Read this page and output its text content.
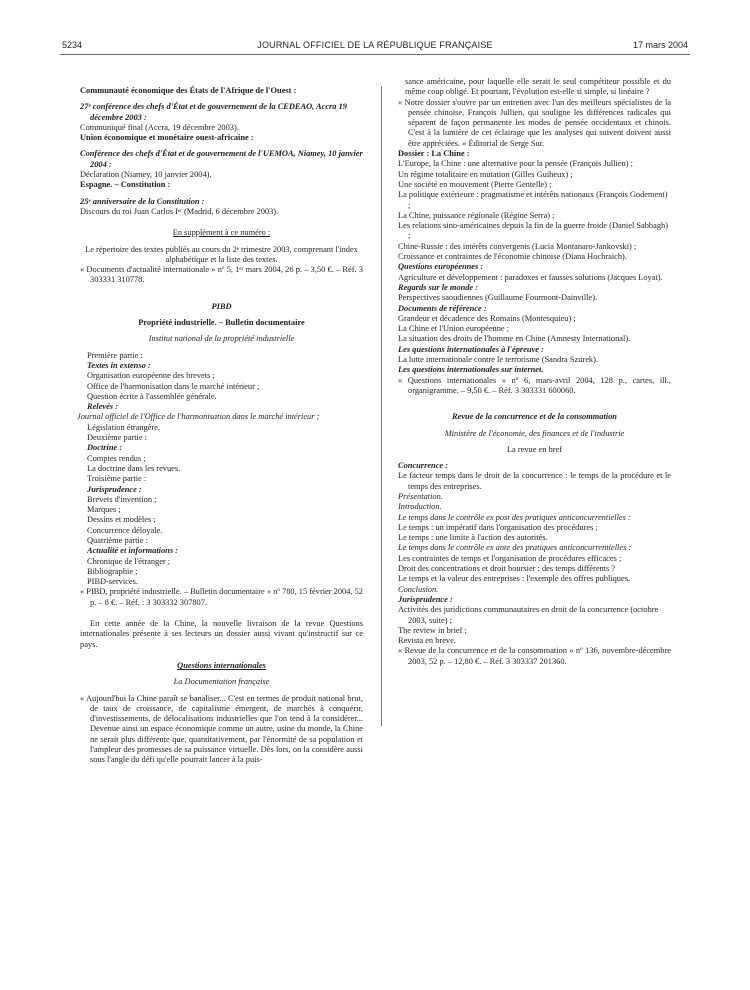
5234	JOURNAL OFFICIEL DE LA RÉPUBLIQUE FRANÇAISE	17 mars 2004

Communauté économique des États de l'Afrique de l'Ouest :

27ᵉ conférence des chefs d'État et de gouvernement de la CEDEAO, Accra 19 décembre 2003 :

Communiqué final (Accra, 19 décembre 2003).

Union économique et monétaire ouest-africaine :

Conférence des chefs d'État et de gouvernement de l'UEMOA, Niamey, 10 janvier 2004 :

Déclaration (Niamey, 10 janvier 2004).

Espagne. – Constitution :

25ᵉ anniversaire de la Constitution :

Discours du roi Juan Carlos Iᵉʳ (Madrid, 6 décembre 2003).

En supplément à ce numéro :

Le répertoire des textes publiés au cours du 2ᵉ trimestre 2003, comprenant l'index alphabétique et la liste des textes.

« Documents d'actualité internationale » nº 5, 1ᵉʳ mars 2004, 26 p. – 3,50 €. – Réf. 3 303331 310778.

PIBD

Propriété industrielle. – Bulletin documentaire

Institut national de la propriété industrielle

Première partie :

Textes in extenso :

Organisation européenne des brevets ;

Office de l'harmonisation dans le marché intérieur ;

Question écrite à l'assemblée générale.

Relevés :

Journal officiel de l'Office de l'harmonisation dans le marché intérieur ;

Législation étrangère.

Deuxième partie :

Doctrine :

Comptes rendus ;

La doctrine dans les revues.

Troisième partie :

Jurisprudence :

Brevets d'invention ;

Marques ;

Dessins et modèles ;

Concurrence déloyale.

Quatrième partie :

Actualité et informations :

Chronique de l'étranger ;

Bibliographie ;

PIBD-services.

« PIBD, propriété industrielle. – Bulletin documentaire » nº 780, 15 février 2004, 52 p. – 8 €. – Réf. : 3 303332 307807.

En cette année de la Chine, la nouvelle livraison de la revue Questions internationales présente à ses lecteurs un dossier aussi vivant qu'instructif sur ce pays.

Questions internationales

La Documentation française

« Aujourd'hui la Chine paraît se banaliser... C'est en termes de produit national brut, de taux de croissance, de capitalisme émergent, de marchés à conquérir, d'investissements, de délocalisations industrielles que l'on tend à la considérer... Devenue ainsi un espace économique comme un autre, usine du monde, la Chine ne serait plus différente que, quantitativement, par l'énormité de sa population et l'ampleur des promesses de sa puissance virtuelle. Dès lors, on la considère aussi sous l'angle du défi qu'elle pourrait lancer à la puis-

sance américaine, pour laquelle elle serait le seul compétiteur possible et du même coup obligé. Et pourtant, l'évolution est-elle si simple, si linéaire ?

« Notre dossier s'ouvre par un entretien avec l'un des meilleurs spécialistes de la pensée chinoise, François Jullien, qui souligne les différences radicales qui séparent de façon permanente les modes de pensée occidentaux et chinois. C'est à la lumière de cet éclairage que les analyses qui suivent doivent aussi être appréciées. » Éditorial de Serge Sur.

Dossier : La Chine :

L'Europe, la Chine : une alternative pour la pensée (François Jullien) ;

Un régime totalitaire en mutation (Gilles Guiheux) ;

Une société en mouvement (Pierre Gentelle) ;

La politique extérieure : pragmatisme et intérêts nationaux (François Godement) ;

La Chine, puissance régionale (Régine Serra) ;

Les relations sino-américaines depuis la fin de la guerre froide (Daniel Sabbagh) ;

Chine-Russie : des intérêts convergents (Lucia Montanaro-Jankovski) ;

Croissance et contraintes de l'économie chinoise (Diana Hochraich).

Questions européennes :

Agriculture et développement : paradoxes et fausses solutions (Jacques Loyat).

Regards sur le monde :

Perspectives saoudiennes (Guillaume Fourmont-Dainville).

Documents de référence :

Grandeur et décadence des Romains (Montesquieu) ;

La Chine et l'Union européenne ;

La situation des droits de l'homme en Chine (Amnesty International).

Les questions internationales à l'épreuve :

La lutte internationale contre le terrorisme (Sandra Szurek).

Les questions internationales sur internet.

« Questions internationales » nº 6, mars-avril 2004, 128 p., cartes, ill., organigramme. – 9,50 €. – Réf. 3 303331 600060.

Revue de la concurrence et de la consommation

Ministère de l'économie, des finances et de l'industrie

La revue en bref

Concurrence :

Le facteur temps dans le droit de la concurrence : le temps de la procédure et le temps des entreprises.

Présentation.

Introduction.

Le temps dans le contrôle ex post des pratiques anticoncurrentielles :

Le temps : un impératif dans l'organisation des procédures ;

Le temps : une limite à l'action des autorités.

Le temps dans le contrôle ex ante des pratiques anticoncurrentielles :

Les contraintes de temps et l'organisation de procédures efficaces ;

Droit des concentrations et droit boursier : des temps différents ?

Le temps et la valeur des entreprises : l'exemple des offres publiques.

Conclusion.

Jurisprudence :

Activités des juridictions communautaires en droit de la concurrence (octobre 2003, suite) ;

The review in brief ;

Revista en breve.

« Revue de la concurrence et de la consommation » nº 136, novembre-décembre 2003, 52 p. – 12,80 €. – Réf. 3 303337 201360.
